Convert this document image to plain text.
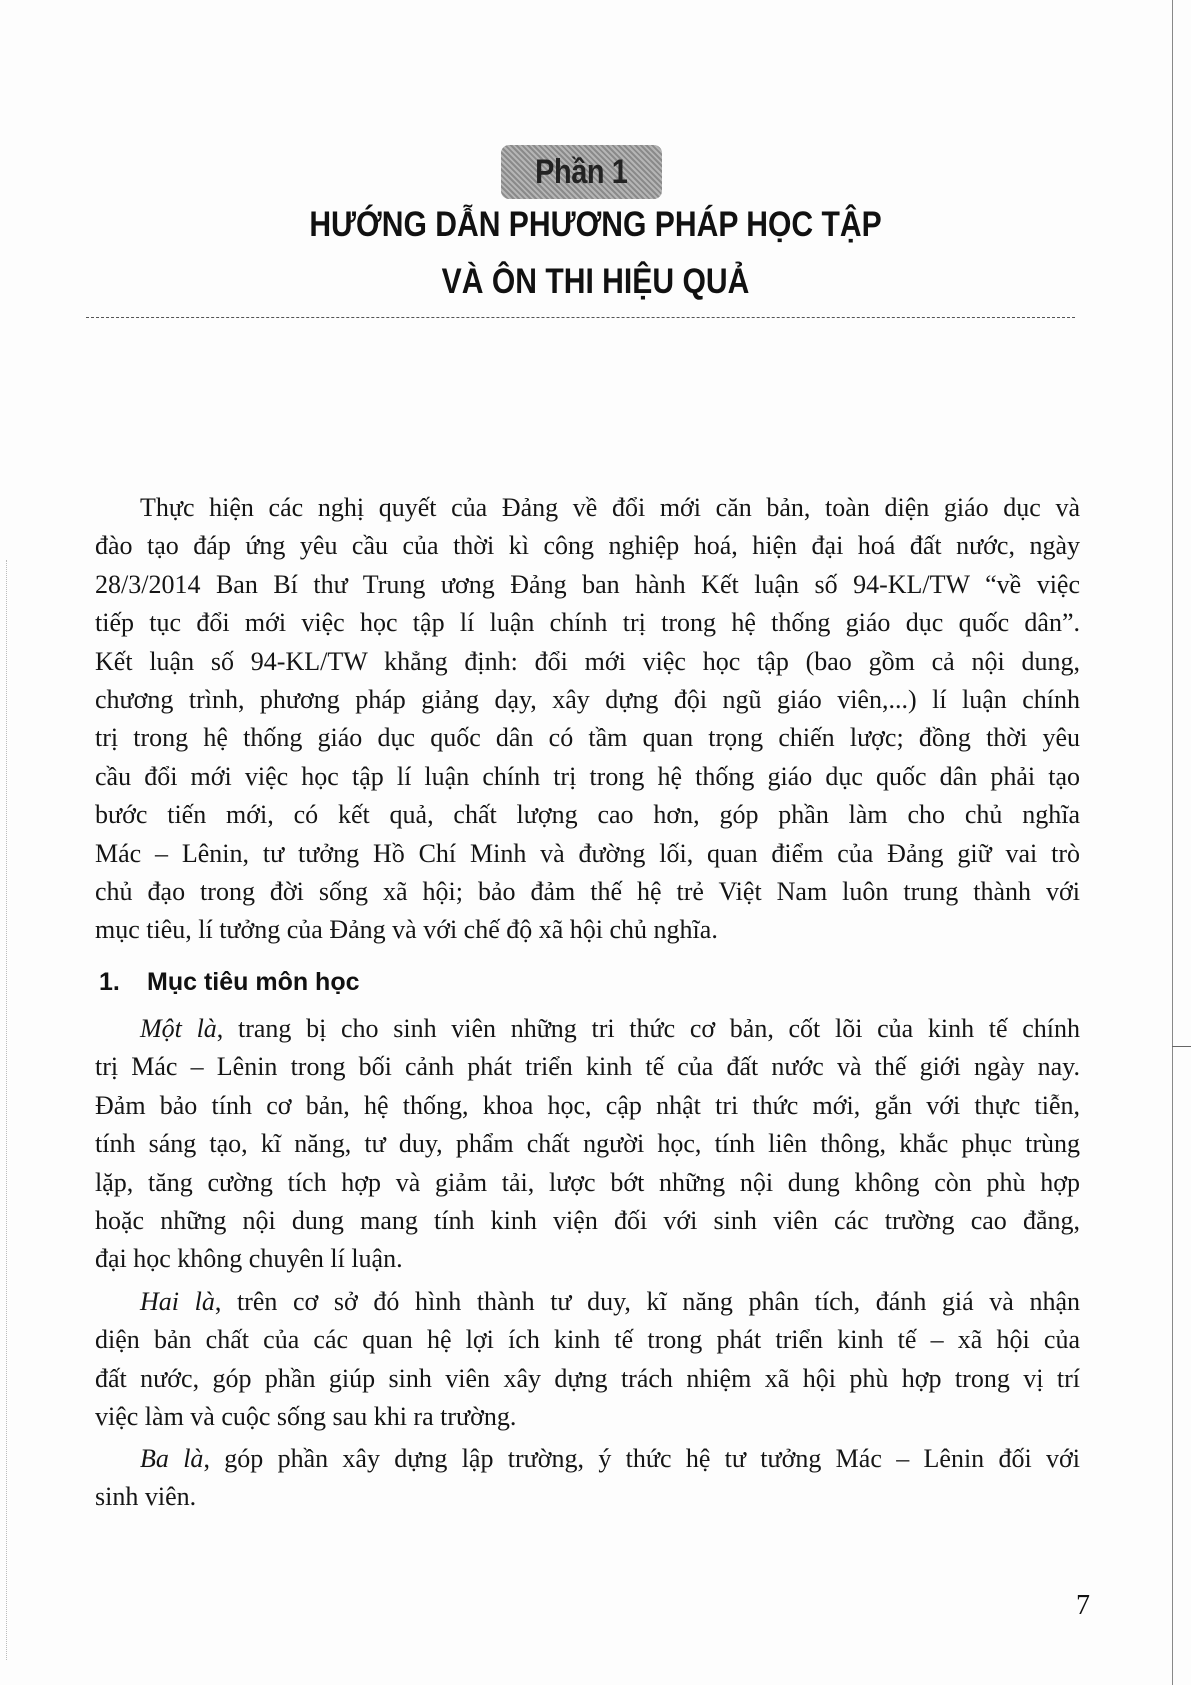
Phần 1
HƯỚNG DẪN PHƯƠNG PHÁP HỌC TẬP
VÀ ÔN THI HIỆU QUẢ
Thực hiện các nghị quyết của Đảng về đổi mới căn bản, toàn diện giáo dục và
đào tạo đáp ứng yêu cầu của thời kì công nghiệp hoá, hiện đại hoá đất nước, ngày
28/3/2014 Ban Bí thư Trung ương Đảng ban hành Kết luận số 94-KL/TW “về việc
tiếp tục đổi mới việc học tập lí luận chính trị trong hệ thống giáo dục quốc dân”.
Kết luận số 94-KL/TW khẳng định: đổi mới việc học tập (bao gồm cả nội dung,
chương trình, phương pháp giảng dạy, xây dựng đội ngũ giáo viên,...) lí luận chính
trị trong hệ thống giáo dục quốc dân có tầm quan trọng chiến lược; đồng thời yêu
cầu đổi mới việc học tập lí luận chính trị trong hệ thống giáo dục quốc dân phải tạo
bước tiến mới, có kết quả, chất lượng cao hơn, góp phần làm cho chủ nghĩa
Mác – Lênin, tư tưởng Hồ Chí Minh và đường lối, quan điểm của Đảng giữ vai trò
chủ đạo trong đời sống xã hội; bảo đảm thế hệ trẻ Việt Nam luôn trung thành với
mục tiêu, lí tưởng của Đảng và với chế độ xã hội chủ nghĩa.
1. Mục tiêu môn học
Một là, trang bị cho sinh viên những tri thức cơ bản, cốt lõi của kinh tế chính
trị Mác – Lênin trong bối cảnh phát triển kinh tế của đất nước và thế giới ngày nay.
Đảm bảo tính cơ bản, hệ thống, khoa học, cập nhật tri thức mới, gắn với thực tiễn,
tính sáng tạo, kĩ năng, tư duy, phẩm chất người học, tính liên thông, khắc phục trùng
lặp, tăng cường tích hợp và giảm tải, lược bớt những nội dung không còn phù hợp
hoặc những nội dung mang tính kinh viện đối với sinh viên các trường cao đẳng,
đại học không chuyên lí luận.
Hai là, trên cơ sở đó hình thành tư duy, kĩ năng phân tích, đánh giá và nhận
diện bản chất của các quan hệ lợi ích kinh tế trong phát triển kinh tế – xã hội của
đất nước, góp phần giúp sinh viên xây dựng trách nhiệm xã hội phù hợp trong vị trí
việc làm và cuộc sống sau khi ra trường.
Ba là, góp phần xây dựng lập trường, ý thức hệ tư tưởng Mác – Lênin đối với
sinh viên.
7
